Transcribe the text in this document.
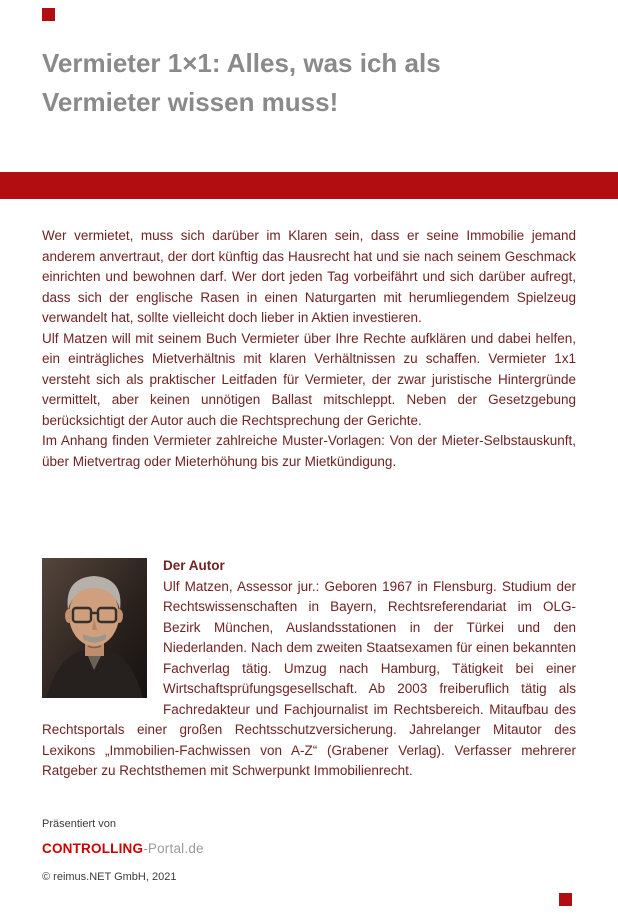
Vermieter 1×1: Alles, was ich als Vermieter wissen muss!

Wer vermietet, muss sich darüber im Klaren sein, dass er seine Immobilie jemand anderem anvertraut, der dort künftig das Hausrecht hat und sie nach seinem Geschmack einrichten und bewohnen darf. Wer dort jeden Tag vorbeifährt und sich darüber aufregt, dass sich der englische Rasen in einen Naturgarten mit herumliegendem Spielzeug verwandelt hat, sollte vielleicht doch lieber in Aktien investieren.

Ulf Matzen will mit seinem Buch Vermieter über Ihre Rechte aufklären und dabei helfen, ein einträgliches Mietverhältnis mit klaren Verhältnissen zu schaffen. Vermieter 1x1 versteht sich als praktischer Leitfaden für Vermieter, der zwar juristische Hintergründe vermittelt, aber keinen unnötigen Ballast mitschleppt. Neben der Gesetzgebung berücksichtigt der Autor auch die Rechtsprechung der Gerichte.

Im Anhang finden Vermieter zahlreiche Muster-Vorlagen: Von der Mieter-Selbstauskunft, über Mietvertrag oder Mieterhöhung bis zur Mietkündigung.

Der Autor

Ulf Matzen, Assessor jur.: Geboren 1967 in Flensburg. Studium der Rechtswissenschaften in Bayern, Rechtsreferendariat im OLG-Bezirk München, Auslandsstationen in der Türkei und den Niederlanden. Nach dem zweiten Staatsexamen für einen bekannten Fachverlag tätig. Umzug nach Hamburg, Tätigkeit bei einer Wirtschaftsprüfungsgesellschaft. Ab 2003 freiberuflich tätig als Fachredakteur und Fachjournalist im Rechtsbereich. Mitaufbau des Rechtsportals einer großen Rechtsschutzversicherung. Jahrelanger Mitautor des Lexikons „Immobilien-Fachwissen von A-Z“ (Grabener Verlag). Verfasser mehrerer Ratgeber zu Rechtsthemen mit Schwerpunkt Immobilienrecht.

Präsentiert von
CONTROLLING-Portal.de
© reimus.NET GmbH, 2021
